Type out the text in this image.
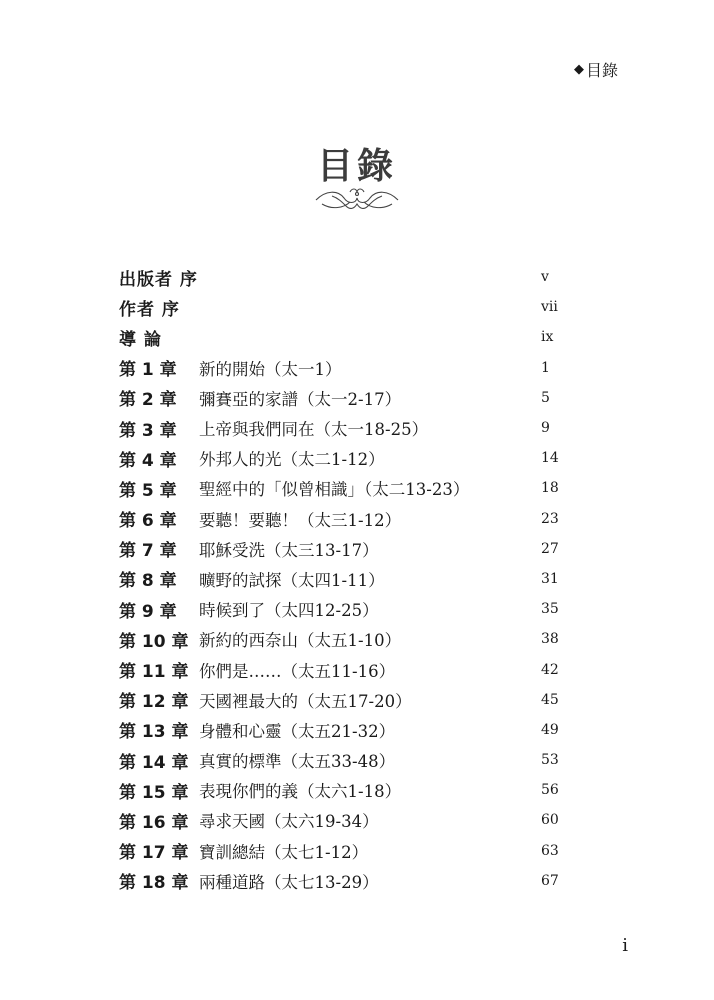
◆ 目錄
目錄
出版者 序	v
作者 序	vii
導 論	ix
第 1 章	新的開始（太一1）	1
第 2 章	彌賽亞的家譜（太一2-17）	5
第 3 章	上帝與我們同在（太一18-25）	9
第 4 章	外邦人的光（太二1-12）	14
第 5 章	聖經中的「似曾相識」（太二13-23）	18
第 6 章	要聽！要聽！（太三1-12）	23
第 7 章	耶穌受洗（太三13-17）	27
第 8 章	曠野的試探（太四1-11）	31
第 9 章	時候到了（太四12-25）	35
第 10 章 新約的西奈山（太五1-10）	38
第 11 章 你們是……（太五11-16）	42
第 12 章 天國裡最大的（太五17-20）	45
第 13 章 身體和心靈（太五21-32）	49
第 14 章 真實的標準（太五33-48）	53
第 15 章 表現你們的義（太六1-18）	56
第 16 章 尋求天國（太六19-34）	60
第 17 章 寶訓總結（太七1-12）	63
第 18 章 兩種道路（太七13-29）	67
i
